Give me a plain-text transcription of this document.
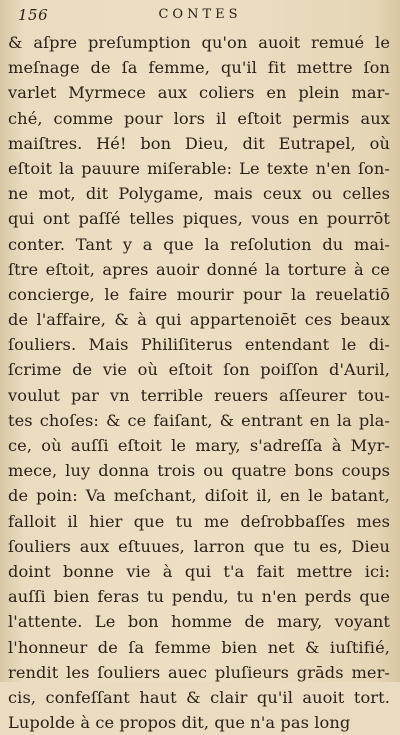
156	CONTES
& aſpre preſumption qu'on auoit remué le
meſnage de ſa femme, qu'il fit mettre ſon
varlet Myrmece aux coliers en plein mar-
ché, comme pour lors il eſtoit permis aux
maiſtres. Hé! bon Dieu, dit Eutrapel, où
eſtoit la pauure miſerable: Le texte n'en ſon-
ne mot, dit Polygame, mais ceux ou celles
qui ont paſſé telles piques, vous en pourrōt
conter. Tant y a que la reſolution du mai-
ſtre eſtoit, apres auoir donné la torture à ce
concierge, le faire mourir pour la reuelatiō
de l'affaire, & à qui appartenoiēt ces beaux
ſouliers. Mais Philiſiterus entendant le di-
ſcrime de vie où eſtoit ſon poiſſon d'Auril,
voulut par vn terrible reuers aſſeurer tou-
tes choſes: & ce faiſant, & entrant en la pla-
ce, où auſſi eſtoit le mary, s'adreſſa à Myr-
mece, luy donna trois ou quatre bons coups
de poin: Va meſchant, diſoit il, en le batant,
falloit il hier que tu me deſrobbaſſes mes
ſouliers aux eſtuues, larron que tu es, Dieu
doint bonne vie à qui t'a fait mettre ici:
auſſi bien feras tu pendu, tu n'en perds que
l'attente. Le bon homme de mary, voyant
l'honneur de ſa femme bien net & iuſtifié,
rendit les ſouliers auec pluſieurs grāds mer-
cis, confeſſant haut & clair qu'il auoit tort.
Lupolde à ce propos dit, que n'a pas long
